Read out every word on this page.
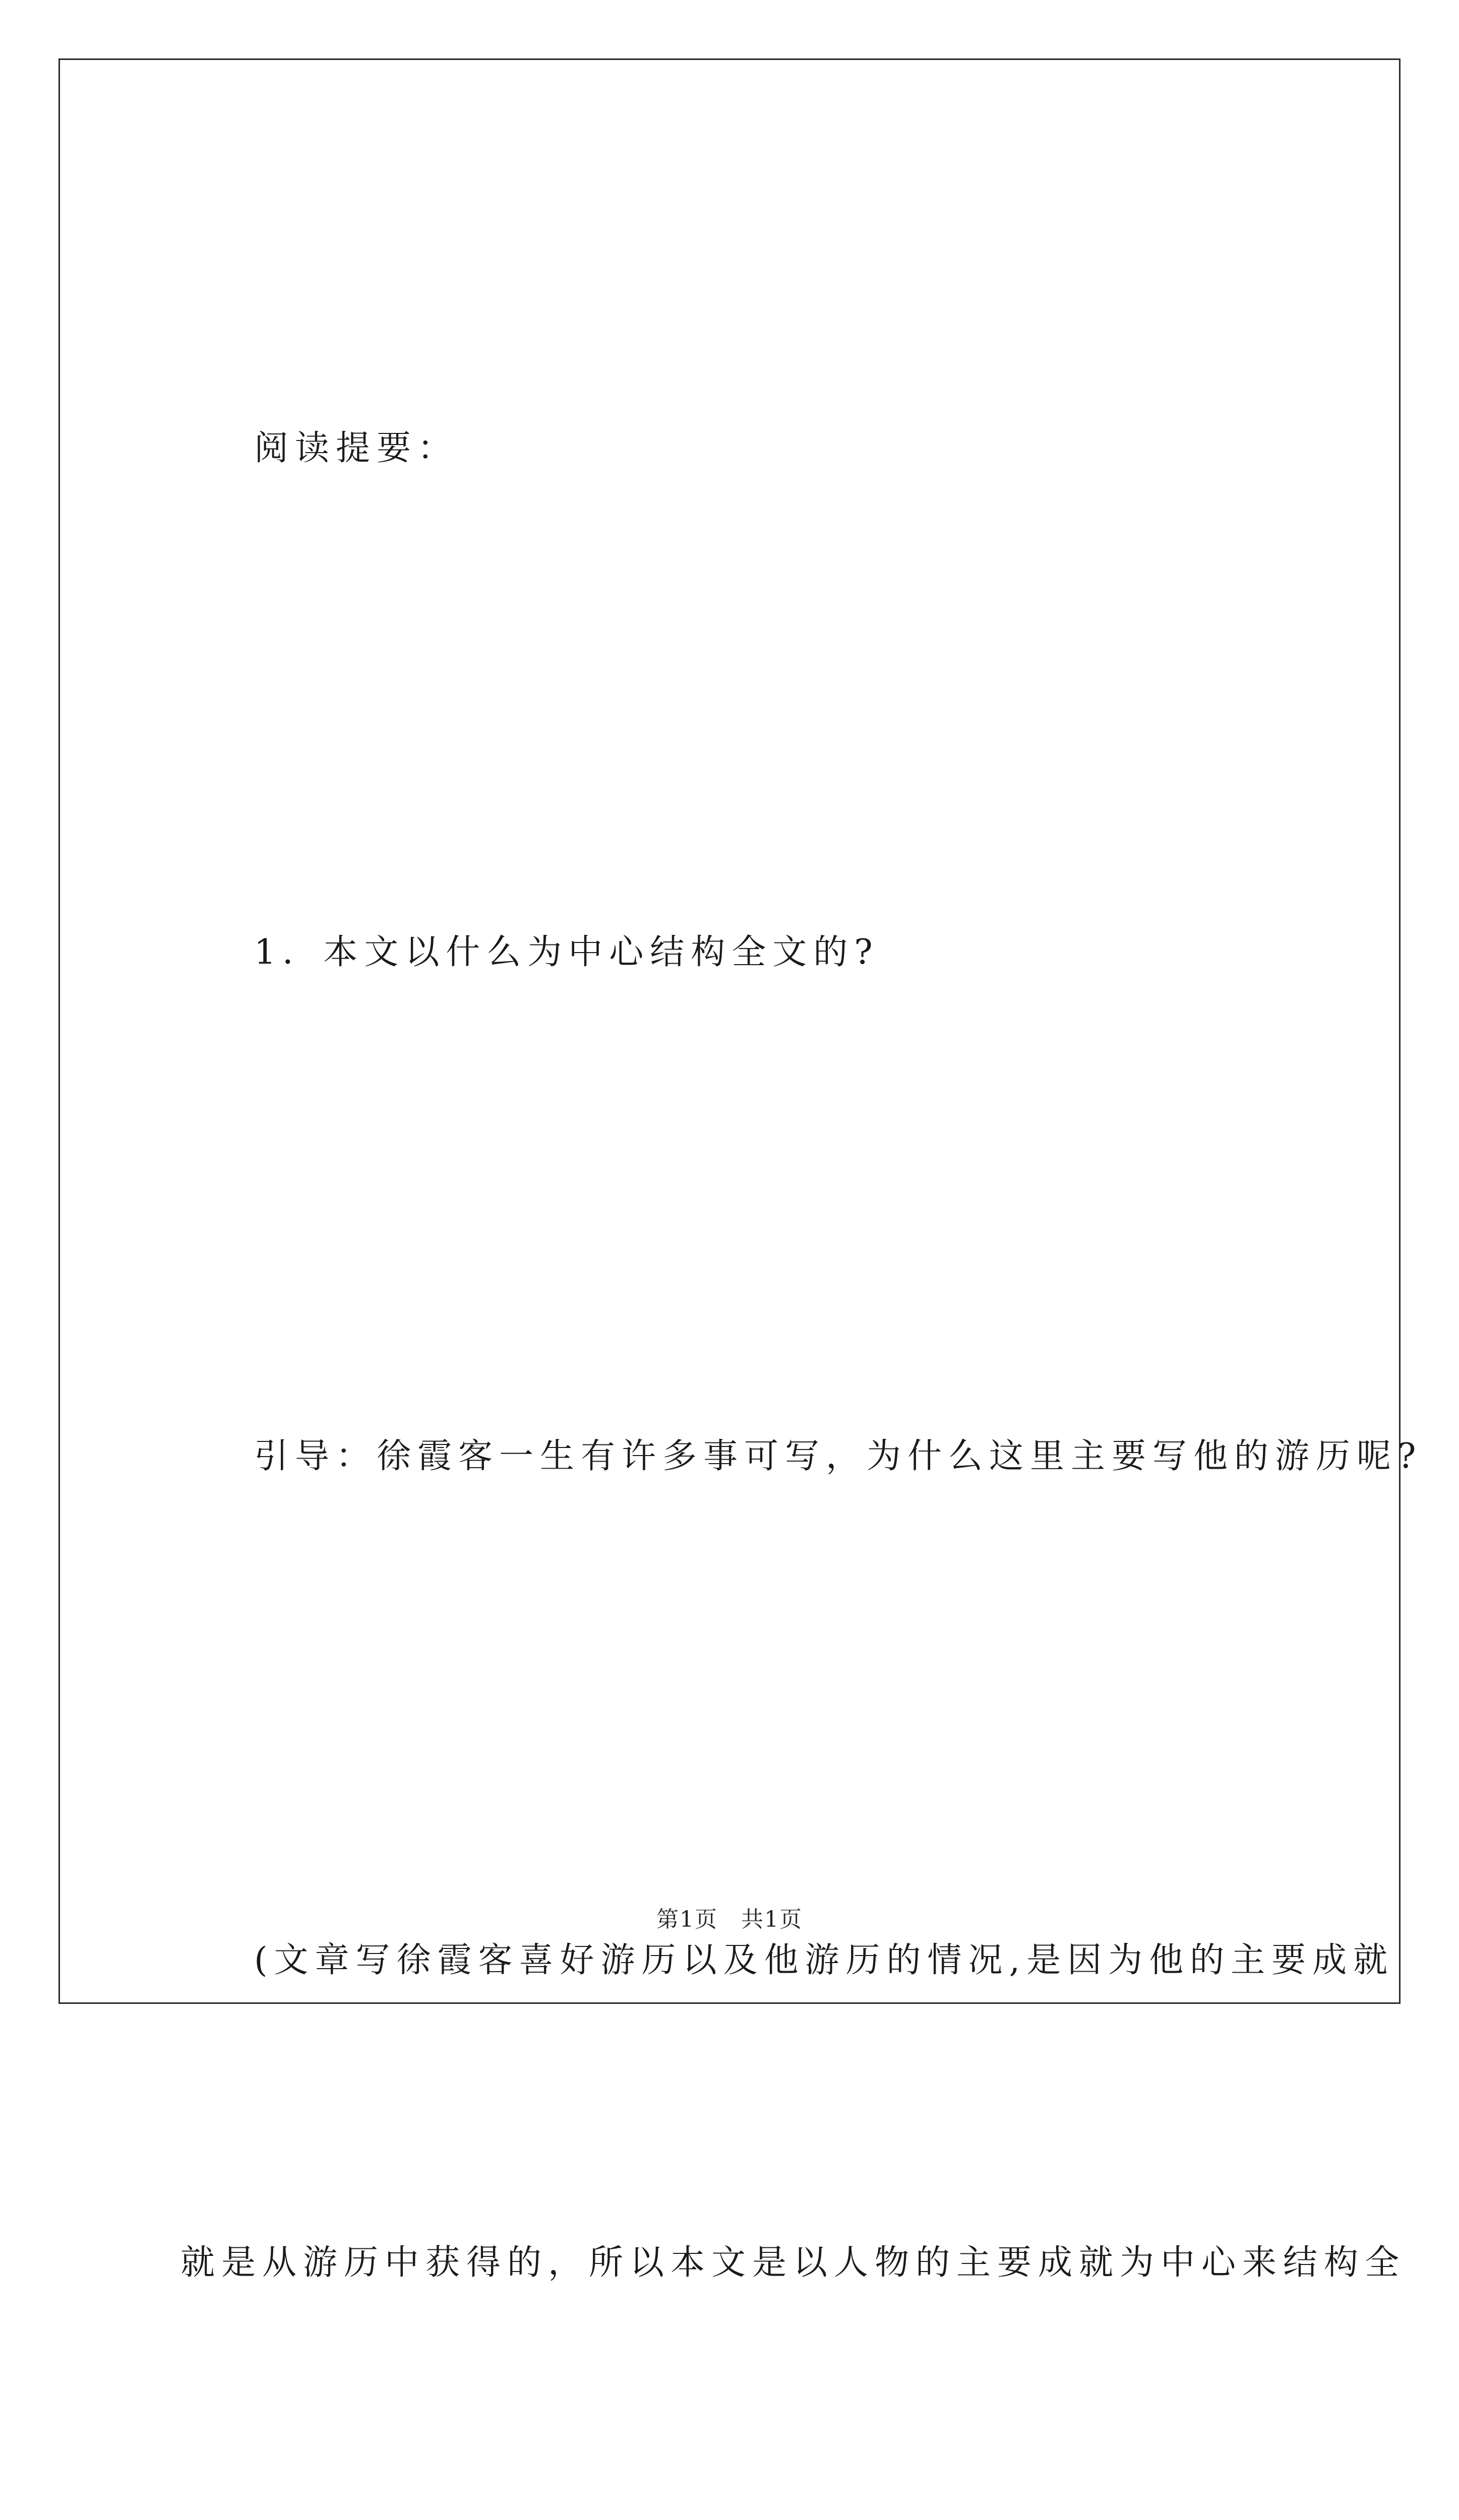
阅读提要：

1．本文以什么为中心结构全文的?

引导：徐霞客一生有许多事可写，为什么这里主要写他的游历呢?

(文章写徐霞客喜好游历以及他游历的情况,是因为他的主要成就

就是从游历中获得的，所以本文是以人物的主要成就为中心来结构全

第1页　共1页
